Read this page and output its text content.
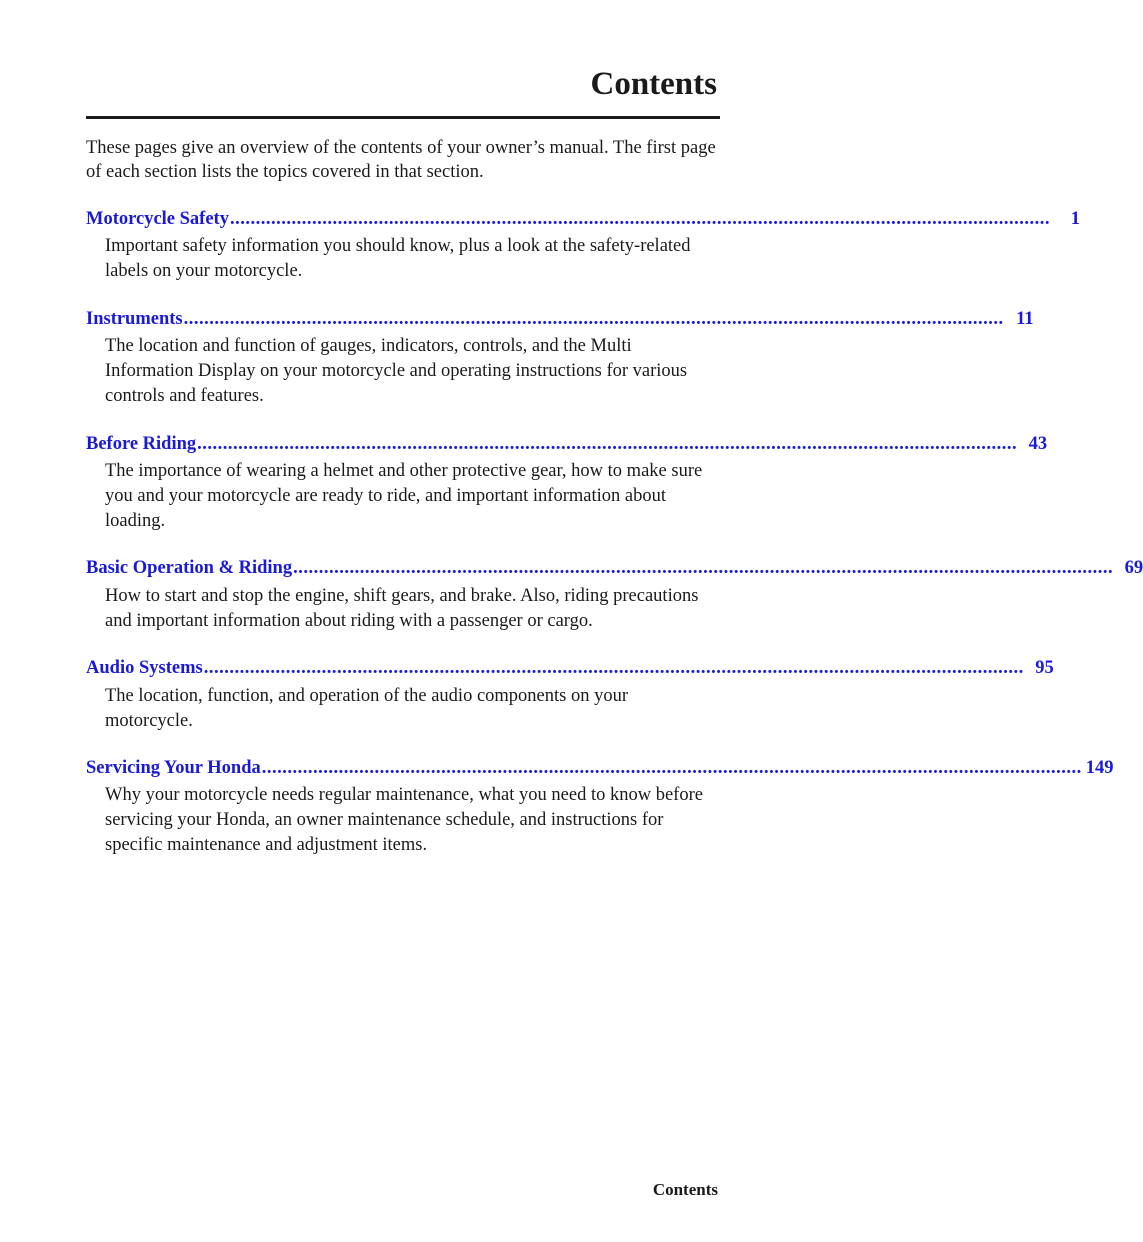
Contents

These pages give an overview of the contents of your owner’s manual. The first page of each section lists the topics covered in that section.

Motorcycle Safety ................................................................................................................................................................	1

Important safety information you should know, plus a look at the safety-related labels on your motorcycle.

Instruments ................................................................................................................................................................ 11

The location and function of gauges, indicators, controls, and the Multi Information Display on your motorcycle and operating instructions for various controls and features.

Before Riding ................................................................................................................................................................ 43

The importance of wearing a helmet and other protective gear, how to make sure you and your motorcycle are ready to ride, and important information about loading.

Basic Operation & Riding ................................................................................................................................................................ 69

How to start and stop the engine, shift gears, and brake. Also, riding precautions and important information about riding with a passenger or cargo.

Audio Systems ................................................................................................................................................................ 95

The location, function, and operation of the audio components on your motorcycle.

Servicing Your Honda ................................................................................................................................................................ 149

Why your motorcycle needs regular maintenance, what you need to know before servicing your Honda, an owner maintenance schedule, and instructions for specific maintenance and adjustment items.

Contents
